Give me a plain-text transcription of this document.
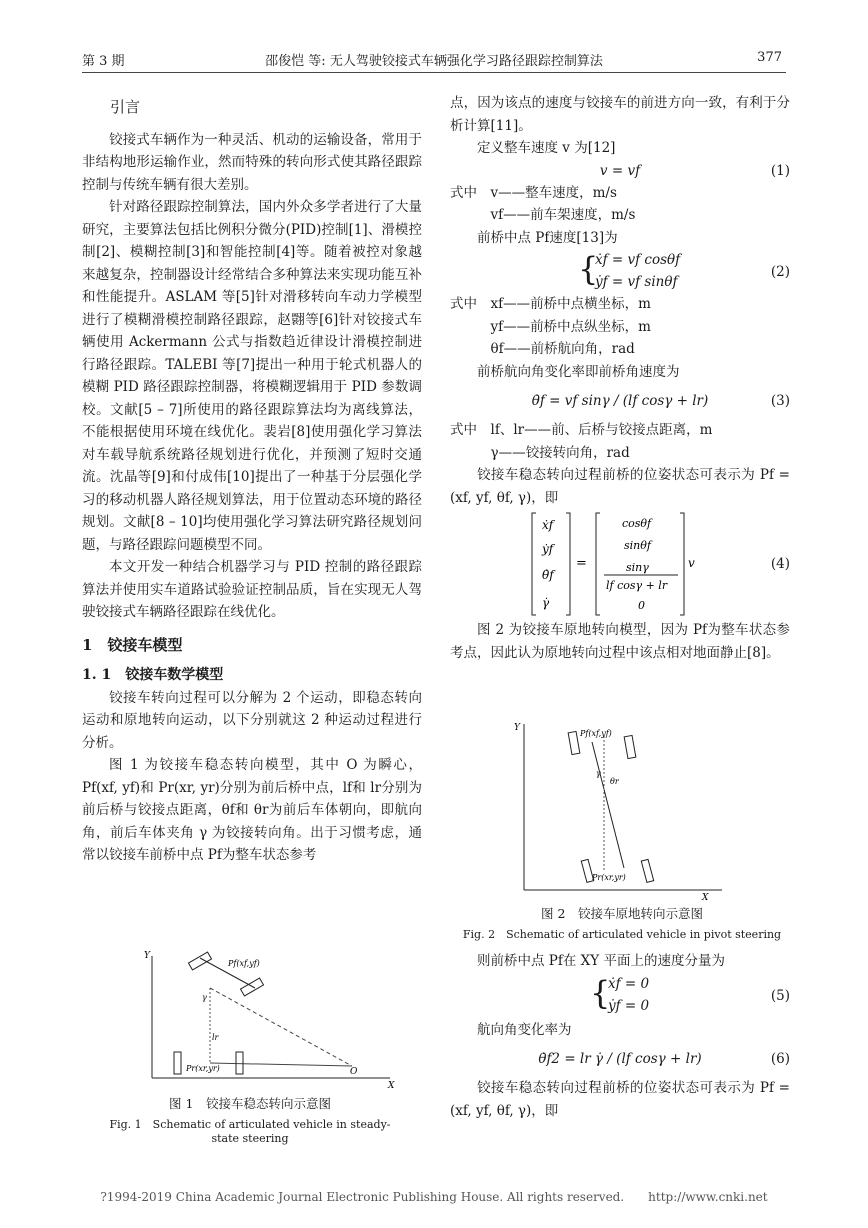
第 3 期	邵俊恺 等: 无人驾驶铰接式车辆强化学习路径跟踪控制算法	377
引言

铰接式车辆作为一种灵活、机动的运输设备，常用于非结构地形运输作业，然而特殊的转向形式使其路径跟踪控制与传统车辆有很大差别。

针对路径跟踪控制算法，国内外众多学者进行了大量研究，主要算法包括比例积分微分(PID)控制[1]、滑模控制[2]、模糊控制[3]和智能控制[4]等。随着被控对象越来越复杂，控制器设计经常结合多种算法来实现功能互补和性能提升。ASLAM 等[5]针对滑移转向车动力学模型进行了模糊滑模控制路径跟踪，赵翾等[6]针对铰接式车辆使用 Ackermann 公式与指数趋近律设计滑模控制进行路径跟踪。TALEBI 等[7]提出一种用于轮式机器人的模糊 PID 路径跟踪控制器，将模糊逻辑用于 PID 参数调校。文献[5 – 7]所使用的路径跟踪算法均为离线算法，不能根据使用环境在线优化。裴岩[8]使用强化学习算法对车载导航系统路径规划进行优化，并预测了短时交通流。沈晶等[9]和付成伟[10]提出了一种基于分层强化学习的移动机器人路径规划算法，用于位置动态环境的路径规划。文献[8 – 10]均使用强化学习算法研究路径规划问题，与路径跟踪问题模型不同。

本文开发一种结合机器学习与 PID 控制的路径跟踪算法并使用实车道路试验验证控制品质，旨在实现无人驾驶铰接式车辆路径跟踪在线优化。

1　铰接车模型
1. 1　铰接车数学模型

铰接车转向过程可以分解为 2 个运动，即稳态转向运动和原地转向运动，以下分别就这 2 种运动过程进行分析。

图 1 为铰接车稳态转向模型，其中 O 为瞬心，Pf(xf, yf)和 Pr(xr, yr)分别为前后桥中点，lf和 lr分别为前后桥与铰接点距离，θf和 θr为前后车体朝向，即航向角，前后车体夹角 γ 为铰接转向角。出于习惯考虑，通常以铰接车前桥中点 Pf为整车状态参考

Y
X
Pf(xf,yf)
Pr(xr,yr)	O
γ
lr
图 1　铰接车稳态转向示意图
Fig. 1　Schematic of articulated vehicle in steady-state steering

点，因为该点的速度与铰接车的前进方向一致，有利于分析计算[11]。

定义整车速度 v 为[12]

v = vf	(1)

式中　v——整车速度，m/s

vf——前车架速度，m/s

前桥中点 Pf速度[13]为

{
ẋf = vf cosθf
ẏf = vf sinθf
(2)

式中　xf——前桥中点横坐标，m

yf——前桥中点纵坐标，m

θf——前桥航向角，rad

前桥航向角变化率即前桥角速度为

θ̇f = vf sinγ / (lf cosγ + lr)	(3)

式中　lf、lr——前、后桥与铰接点距离，m

γ——铰接转向角，rad

铰接车稳态转向过程前桥的位姿状态可表示为 Pf = (xf, yf, θf, γ)，即

ẋf
ẏf
θ̇f
γ̇
=
cosθf
sinθf
sinγ
lf cosγ + lr
0
v	(4)

图 2 为铰接车原地转向模型，因为 Pf为整车状态参考点，因此认为原地转向过程中该点相对地面静止[8]。

Y
X
Pf(xf,yf)
Pr(xr,yr)
γ
θr
图 2　铰接车原地转向示意图
Fig. 2　Schematic of articulated vehicle in pivot steering

则前桥中点 Pf在 XY 平面上的速度分量为

{
ẋf = 0
ẏf = 0
(5)

航向角变化率为

θ̇f2 = lr γ̇ / (lf cosγ + lr)	(6)

铰接车稳态转向过程前桥的位姿状态可表示为 Pf = (xf, yf, θf, γ)，即

?1994-2019 China Academic Journal Electronic Publishing House. All rights reserved.　　http://www.cnki.net
